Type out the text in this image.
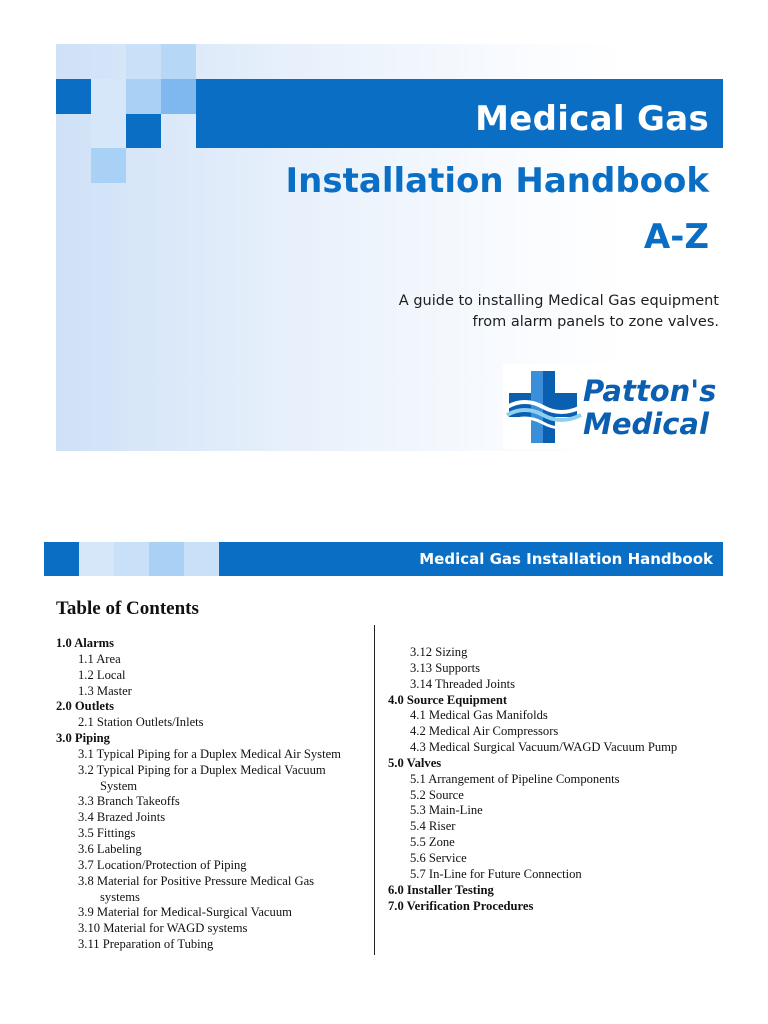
Medical Gas
Installation Handbook
A-Z
A guide to installing Medical Gas equipment
from alarm panels to zone valves.
Patton's
Medical
Medical Gas Installation Handbook
Table of Contents
1.0 Alarms
1.1 Area
1.2 Local
1.3 Master
2.0 Outlets
2.1 Station Outlets/Inlets
3.0 Piping
3.1 Typical Piping for a Duplex Medical Air System
3.2 Typical Piping for a Duplex Medical Vacuum
System
3.3 Branch Takeoffs
3.4 Brazed Joints
3.5 Fittings
3.6 Labeling
3.7 Location/Protection of Piping
3.8 Material for Positive Pressure Medical Gas
systems
3.9 Material for Medical-Surgical Vacuum
3.10 Material for WAGD systems
3.11 Preparation of Tubing
3.12 Sizing
3.13 Supports
3.14 Threaded Joints
4.0 Source Equipment
4.1 Medical Gas Manifolds
4.2 Medical Air Compressors
4.3 Medical Surgical Vacuum/WAGD Vacuum Pump
5.0 Valves
5.1 Arrangement of Pipeline Components
5.2 Source
5.3 Main-Line
5.4 Riser
5.5 Zone
5.6 Service
5.7 In-Line for Future Connection
6.0 Installer Testing
7.0 Verification Procedures
